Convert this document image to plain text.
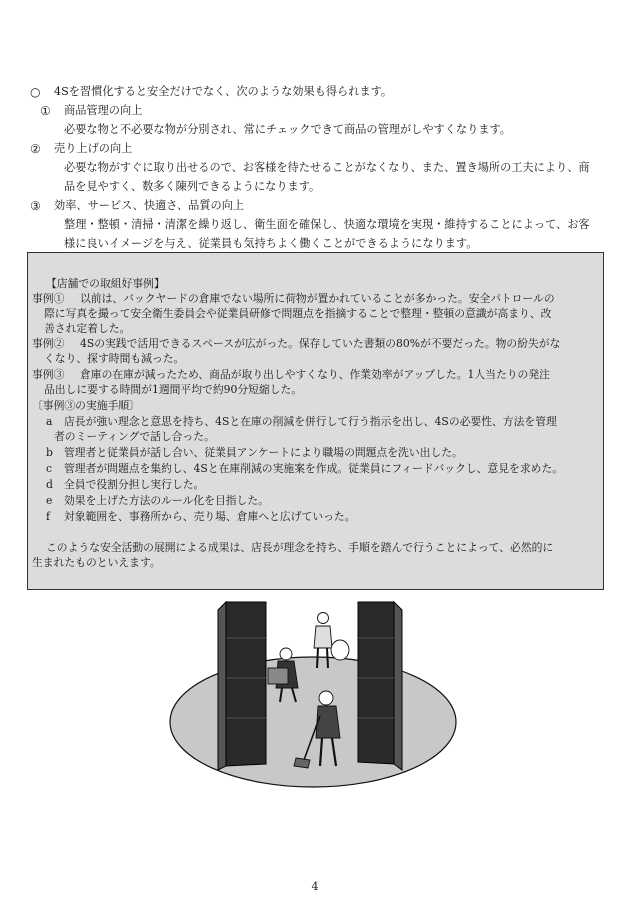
○ 4Sを習慣化すると安全だけでなく、次のような効果も得られます。
① 商品管理の向上
必要な物と不必要な物が分別され、常にチェックできて商品の管理がしやすくなります。
② 売り上げの向上
必要な物がすぐに取り出せるので、お客様を待たせることがなくなり、また、置き場所の工夫により、商
品を見やすく、数多く陳列できるようになります。
③ 効率、サービス、快適さ、品質の向上
整理・整頓・清掃・清潔を繰り返し、衛生面を確保し、快適な環境を実現・維持することによって、お客
様に良いイメージを与え、従業員も気持ちよく働くことができるようになります。
【店舗での取組好事例】
事例① 以前は、バックヤードの倉庫でない場所に荷物が置かれていることが多かった。安全パトロールの
際に写真を撮って安全衛生委員会や従業員研修で問題点を指摘することで整理・整頓の意識が高まり、改
善され定着した。
事例② 4Sの実践で活用できるスペースが広がった。保存していた書類の80%が不要だった。物の紛失がな
くなり、探す時間も減った。
事例③ 倉庫の在庫が減ったため、商品が取り出しやすくなり、作業効率がアップした。1人当たりの発注
品出しに要する時間が1週間平均で約90分短縮した。
〔事例③の実施手順〕
a 店長が強い理念と意思を持ち、4Sと在庫の削減を併行して行う指示を出し、4Sの必要性、方法を管理
者のミーティングで話し合った。
b 管理者と従業員が話し合い、従業員アンケートにより職場の問題点を洗い出した。
c 管理者が問題点を集約し、4Sと在庫削減の実施案を作成。従業員にフィードバックし、意見を求めた。
d 全員で役割分担し実行した。
e 効果を上げた方法のルール化を目指した。
f 対象範囲を、事務所から、売り場、倉庫へと広げていった。
このような安全活動の展開による成果は、店長が理念を持ち、手順を踏んで行うことによって、必然的に
生まれたものといえます。
4
